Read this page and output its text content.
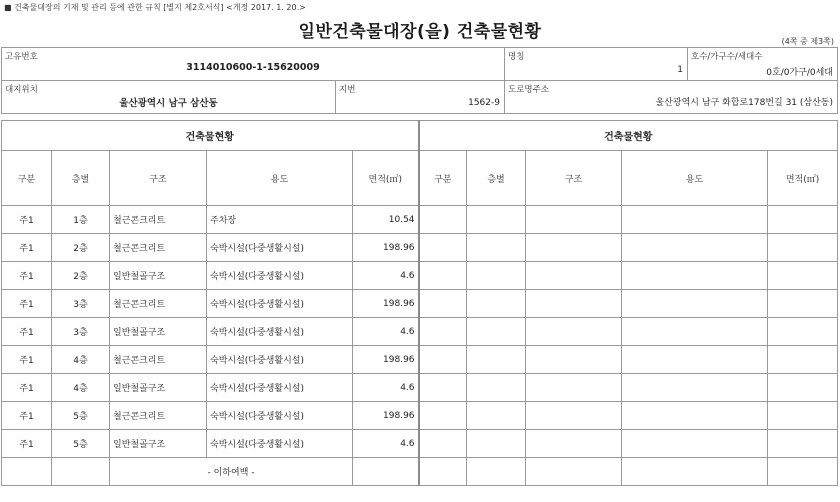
■ 건축물대장의 기재 및 관리 등에 관한 규칙 [별지 제2호서식] <개정 2017. 1. 20.>
일반건축물대장(을) 건축물현황	(4쪽 중 제3쪽)
고유번호
3114010600-1-15620009

명칭
1

호수/가구수/세대수
0호/0가구/0세대
대지위치
울산광역시 남구 삼산동

지번
1562-9

도로명주소
울산광역시 남구 화합로178번길 31 (삼산동)
건축물현황					건축물현황				
구분	층별	구조	용도	면적(㎡)	구분	층별	구조	용도	면적(㎡)
주1	1층	철근콘크리트	주차장	10.54					
주1	2층	철근콘크리트	숙박시설(다중생활시설)	198.96					
주1	2층	일반철골구조	숙박시설(다중생활시설)	4.6					
주1	3층	철근콘크리트	숙박시설(다중생활시설)	198.96					
주1	3층	일반철골구조	숙박시설(다중생활시설)	4.6					
주1	4층	철근콘크리트	숙박시설(다중생활시설)	198.96					
주1	4층	일반철골구조	숙박시설(다중생활시설)	4.6					
주1	5층	철근콘크리트	숙박시설(다중생활시설)	198.96					
주1	5층	일반철골구조	숙박시설(다중생활시설)	4.6					
		- 이하여백 -							
